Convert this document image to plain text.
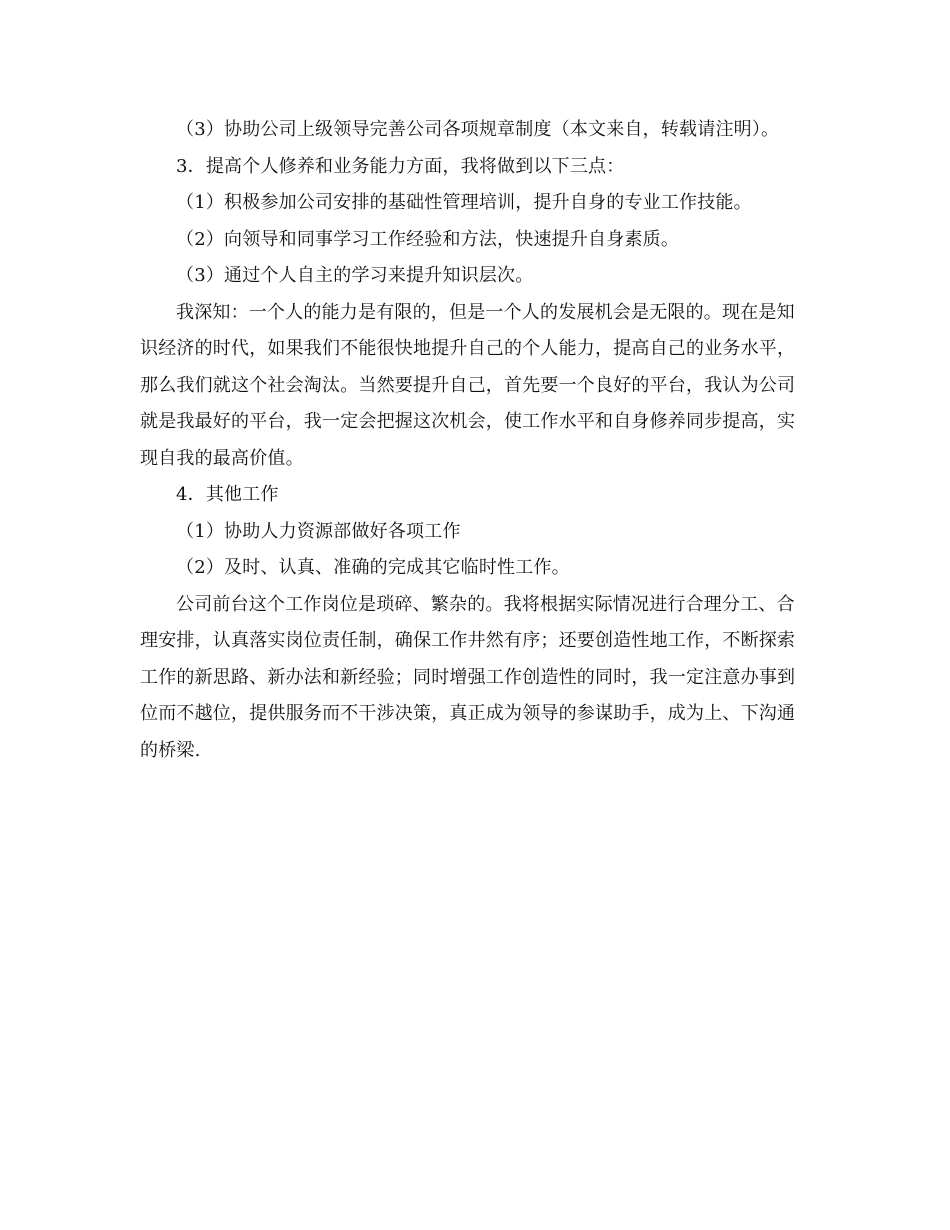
（3）协助公司上级领导完善公司各项规章制度（本文来自，转载请注明）。

3．提高个人修养和业务能力方面，我将做到以下三点：

（1）积极参加公司安排的基础性管理培训，提升自身的专业工作技能。

（2）向领导和同事学习工作经验和方法，快速提升自身素质。

（3）通过个人自主的学习来提升知识层次。

我深知：一个人的能力是有限的，但是一个人的发展机会是无限的。现在是知

识经济的时代，如果我们不能很快地提升自己的个人能力，提高自己的业务水平，

那么我们就这个社会淘汰。当然要提升自己，首先要一个良好的平台，我认为公司

就是我最好的平台，我一定会把握这次机会，使工作水平和自身修养同步提高，实

现自我的最高价值。

4．其他工作

（1）协助人力资源部做好各项工作

（2）及时、认真、准确的完成其它临时性工作。

公司前台这个工作岗位是琐碎、繁杂的。我将根据实际情况进行合理分工、合

理安排，认真落实岗位责任制，确保工作井然有序；还要创造性地工作，不断探索

工作的新思路、新办法和新经验；同时增强工作创造性的同时，我一定注意办事到

位而不越位，提供服务而不干涉决策，真正成为领导的参谋助手，成为上、下沟通

的桥梁.
